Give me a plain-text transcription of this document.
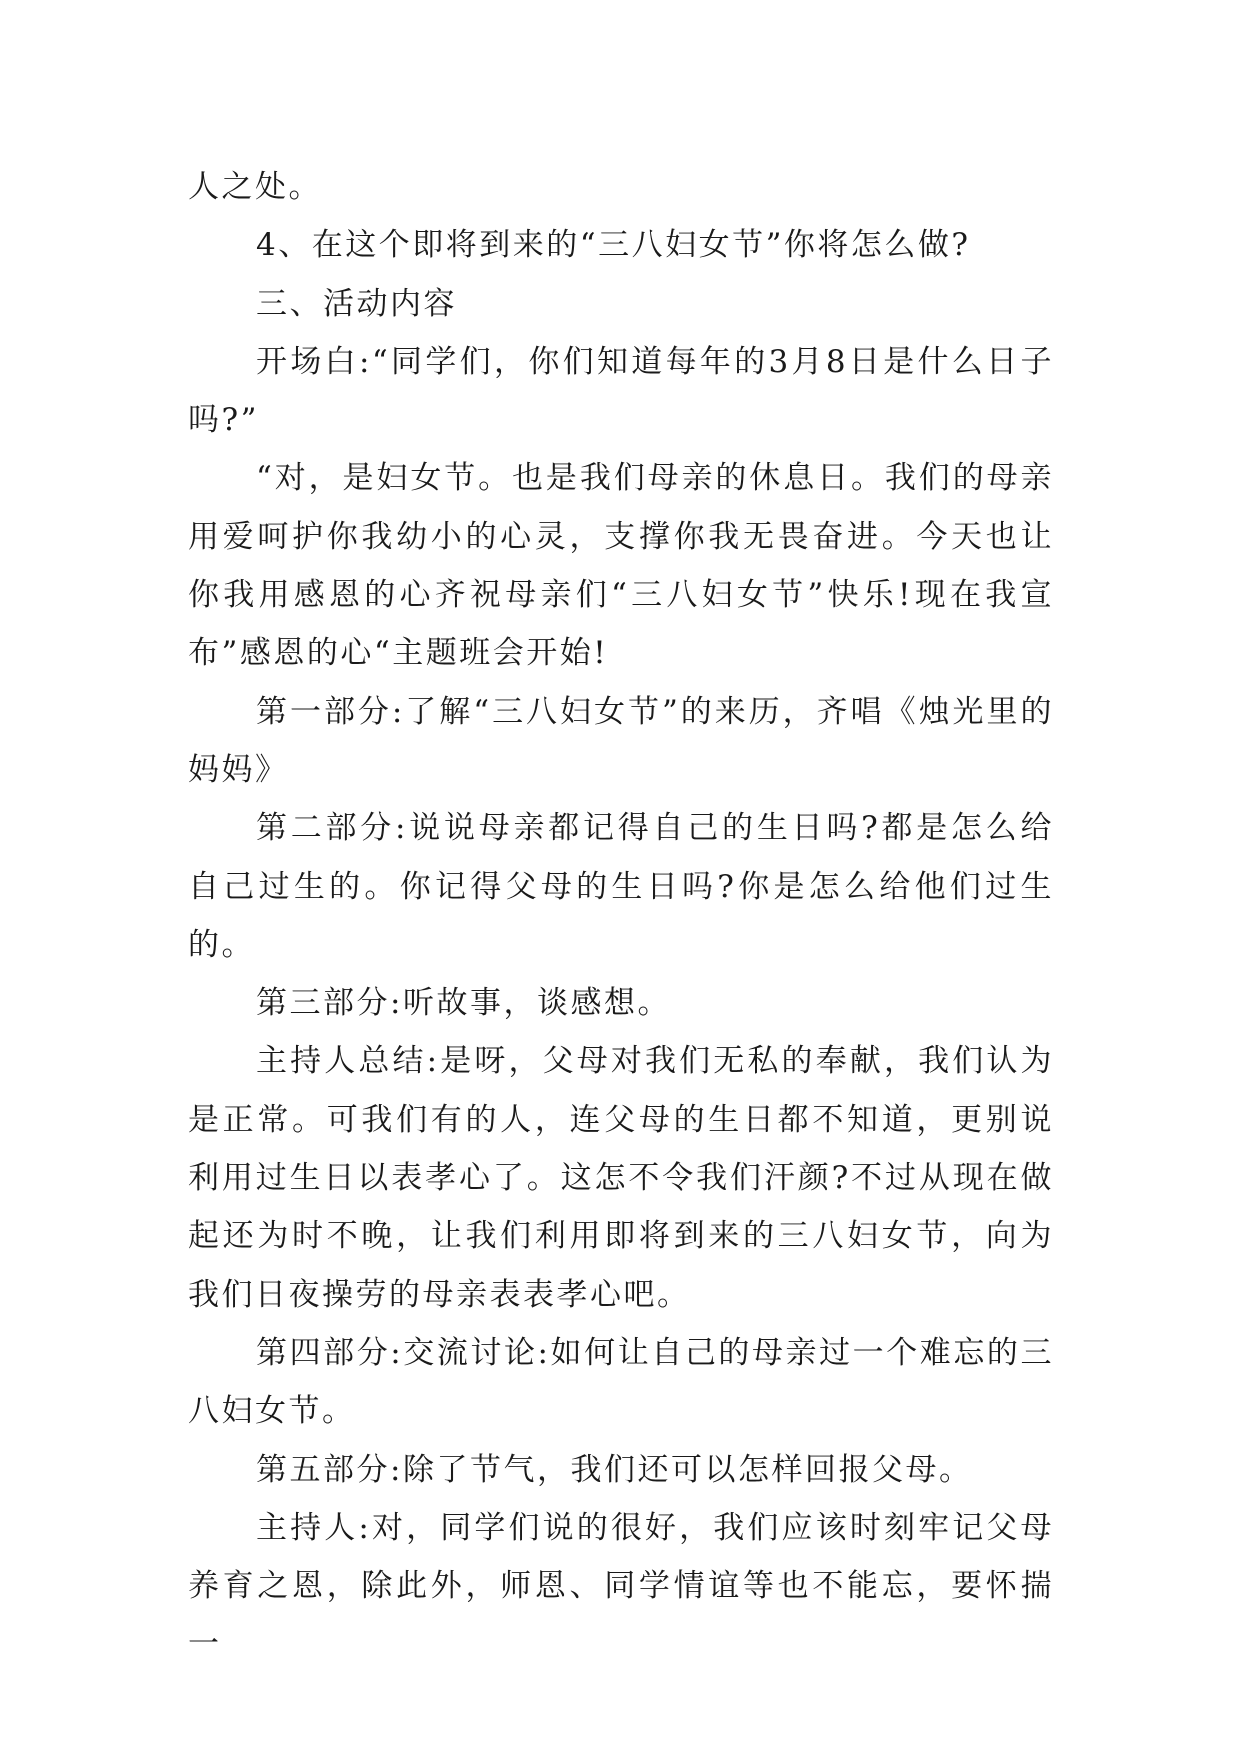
人之处。

4、在这个即将到来的“三八妇女节”你将怎么做?

三、活动内容

开场白:“同学们，你们知道每年的3月8日是什么日子吗?”

“对，是妇女节。也是我们母亲的休息日。我们的母亲用爱呵护你我幼小的心灵，支撑你我无畏奋进。今天也让你我用感恩的心齐祝母亲们“三八妇女节”快乐!现在我宣布”感恩的心“主题班会开始!

第一部分:了解“三八妇女节”的来历，齐唱《烛光里的妈妈》

第二部分:说说母亲都记得自己的生日吗?都是怎么给自己过生的。你记得父母的生日吗?你是怎么给他们过生的。

第三部分:听故事，谈感想。

主持人总结:是呀，父母对我们无私的奉献，我们认为是正常。可我们有的人，连父母的生日都不知道，更别说利用过生日以表孝心了。这怎不令我们汗颜?不过从现在做起还为时不晚，让我们利用即将到来的三八妇女节，向为我们日夜操劳的母亲表表孝心吧。

第四部分:交流讨论:如何让自己的母亲过一个难忘的三八妇女节。

第五部分:除了节气，我们还可以怎样回报父母。

主持人:对，同学们说的很好，我们应该时刻牢记父母养育之恩，除此外，师恩、同学情谊等也不能忘，要怀揣一
